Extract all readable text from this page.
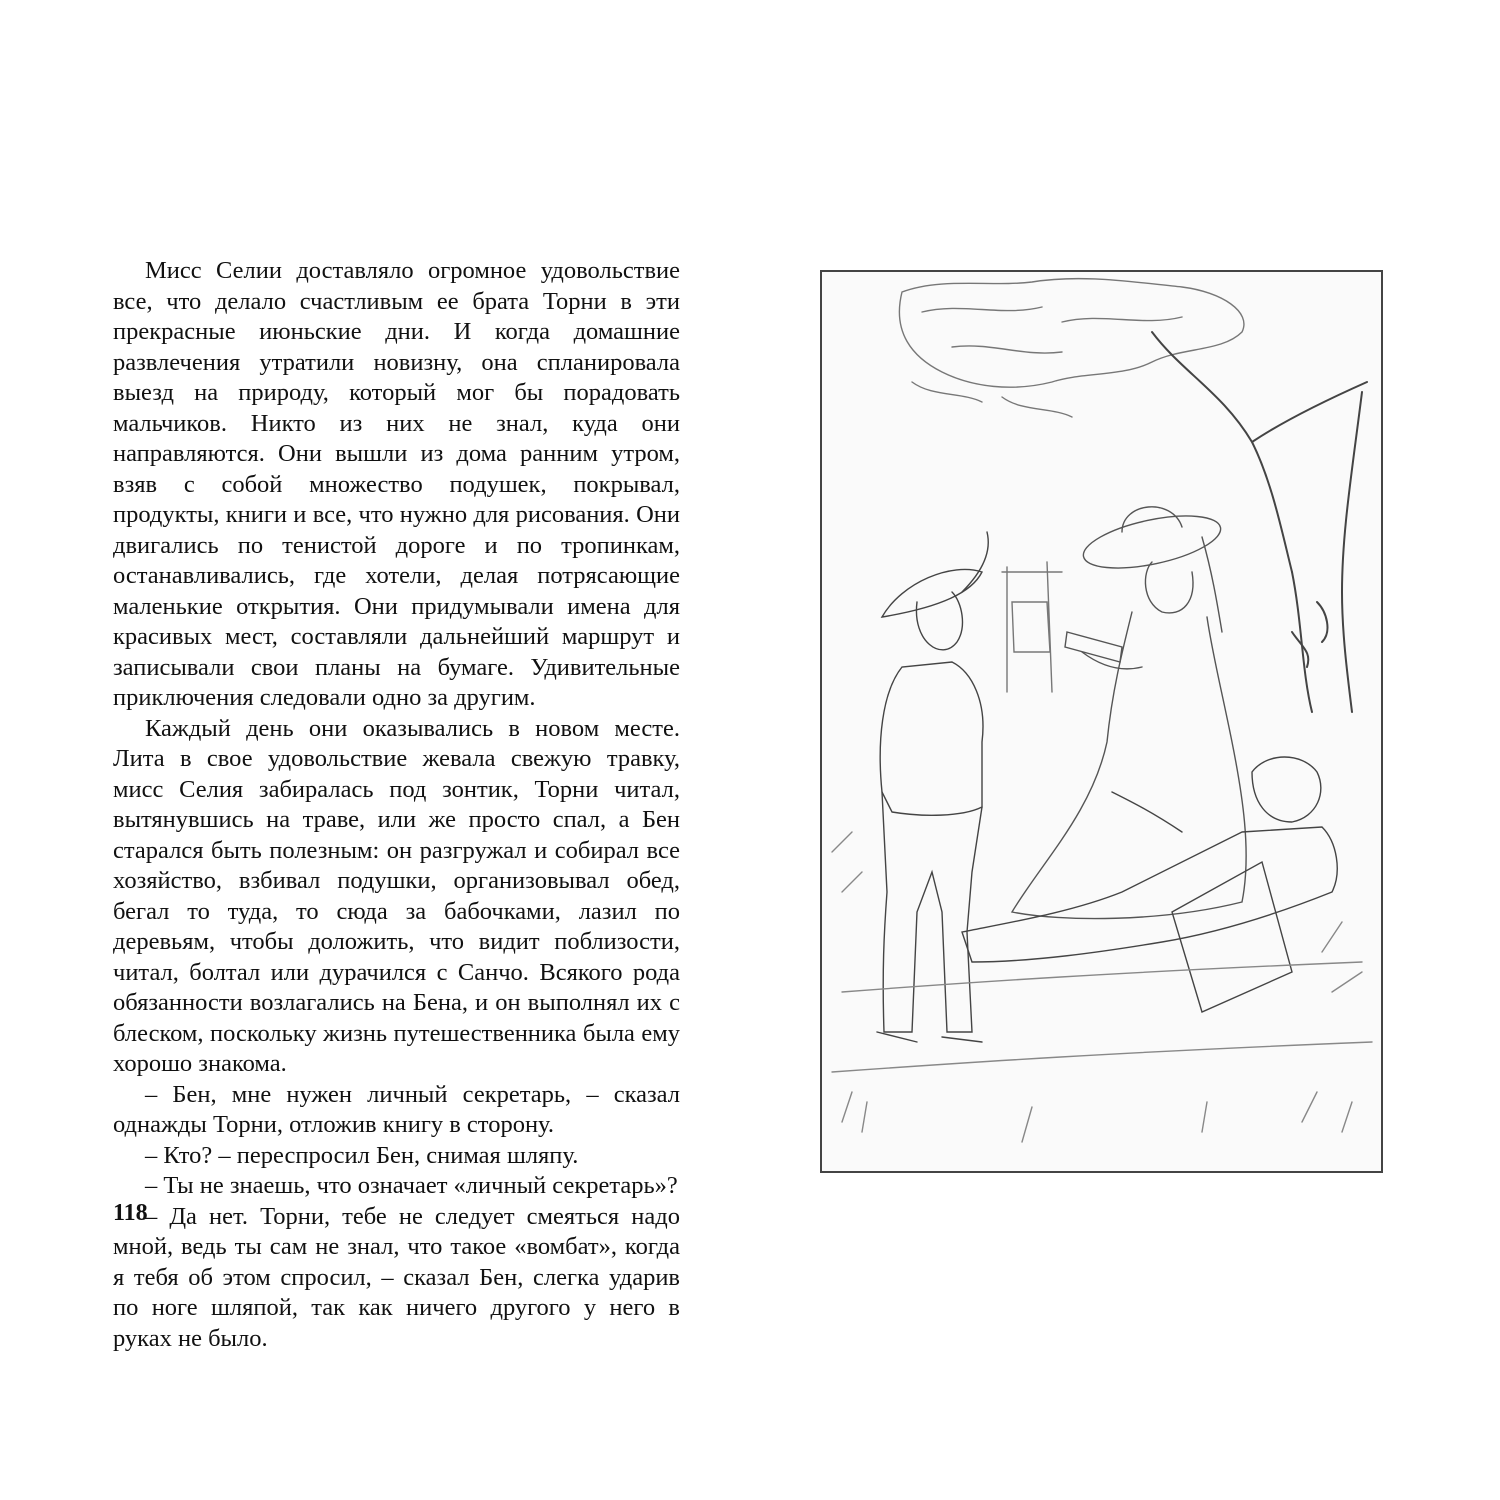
Мисс Селии доставляло огромное удовольствие все, что делало счастливым ее брата Торни в эти прекрасные июньские дни. И когда домашние развлечения утратили новизну, она спланировала выезд на природу, который мог бы порадовать мальчиков. Никто из них не знал, куда они направляются. Они вышли из дома ранним утром, взяв с собой множество подушек, покрывал, продукты, книги и все, что нужно для рисования. Они двигались по тенистой дороге и по тропинкам, останавливались, где хотели, делая потрясающие маленькие открытия. Они придумывали имена для красивых мест, составляли дальнейший маршрут и записывали свои планы на бумаге. Удивительные приключения следовали одно за другим.

Каждый день они оказывались в новом месте. Лита в свое удовольствие жевала свежую травку, мисс Селия забиралась под зонтик, Торни читал, вытянувшись на траве, или же просто спал, а Бен старался быть полезным: он разгружал и собирал все хозяйство, взбивал подушки, организовывал обед, бегал то туда, то сюда за бабочками, лазил по деревьям, чтобы доложить, что видит поблизости, читал, болтал или дурачился с Санчо. Всякого рода обязанности возлагались на Бена, и он выполнял их с блеском, поскольку жизнь путешественника была ему хорошо знакома.

– Бен, мне нужен личный секретарь, – сказал однажды Торни, отложив книгу в сторону.

– Кто? – переспросил Бен, снимая шляпу.

– Ты не знаешь, что означает «личный секретарь»?

– Да нет. Торни, тебе не следует смеяться надо мной, ведь ты сам не знал, что такое «вомбат», когда я тебя об этом спросил, – сказал Бен, слегка ударив по ноге шляпой, так как ничего другого у него в руках не было.

118
